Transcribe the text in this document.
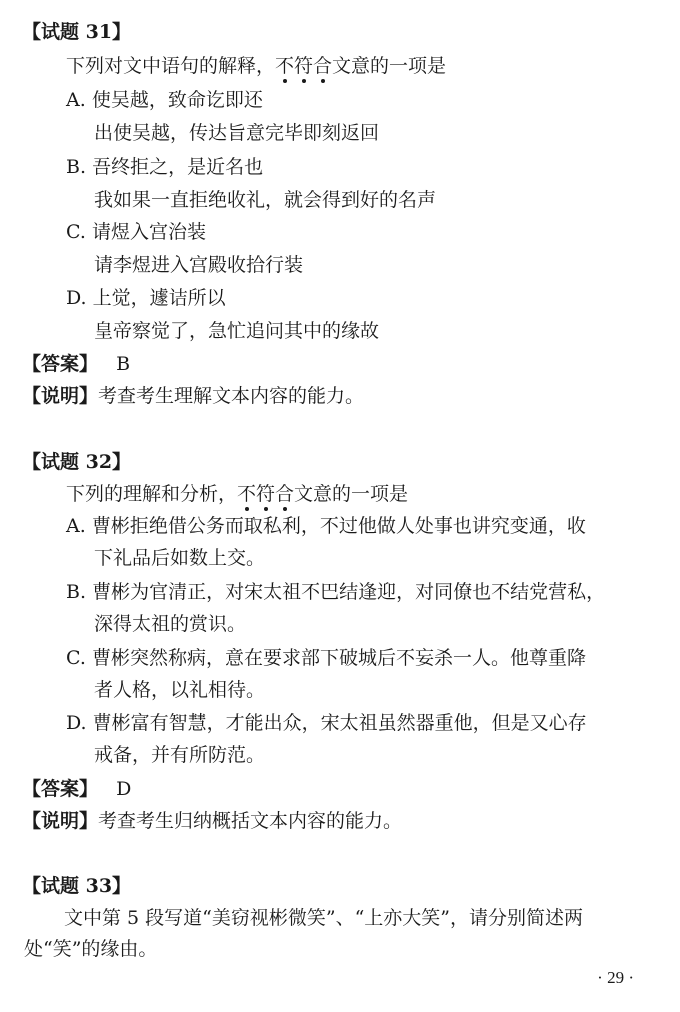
【试题 31】
下列对文中语句的解释，不符合
文意的一项是
A. 使吴越，致命讫即还
出使吴越，传达旨意完毕即刻返回
B. 吾终拒之，是近名也
我如果一直拒绝收礼，就会得到好的名声
C. 请煜入宫治装
请李煜进入宫殿收拾行装
D. 上觉，遽诘所以
皇帝察觉了，急忙追问其中的缘故
【答案】 B
【说明】考查考生理解文本内容的能力。
【试题 32】
下列的理解和分析，不符合
文意的一项是
A. 曹彬拒绝借公务而取私利，不过他做人处事也讲究变通，收
下礼品后如数上交。
B. 曹彬为官清正，对宋太祖不巴结逢迎，对同僚也不结党营私，
深得太祖的赏识。
C. 曹彬突然称病，意在要求部下破城后不妄杀一人。他尊重降
者人格，以礼相待。
D. 曹彬富有智慧，才能出众，宋太祖虽然器重他，但是又心存
戒备，并有所防范。
【答案】 D
【说明】考查考生归纳概括文本内容的能力。
【试题 33】
文中第 5 段写道“美窃视彬微笑”、“上亦大笑”，请分别简述两
处“笑”的缘由。
· 29 ·
